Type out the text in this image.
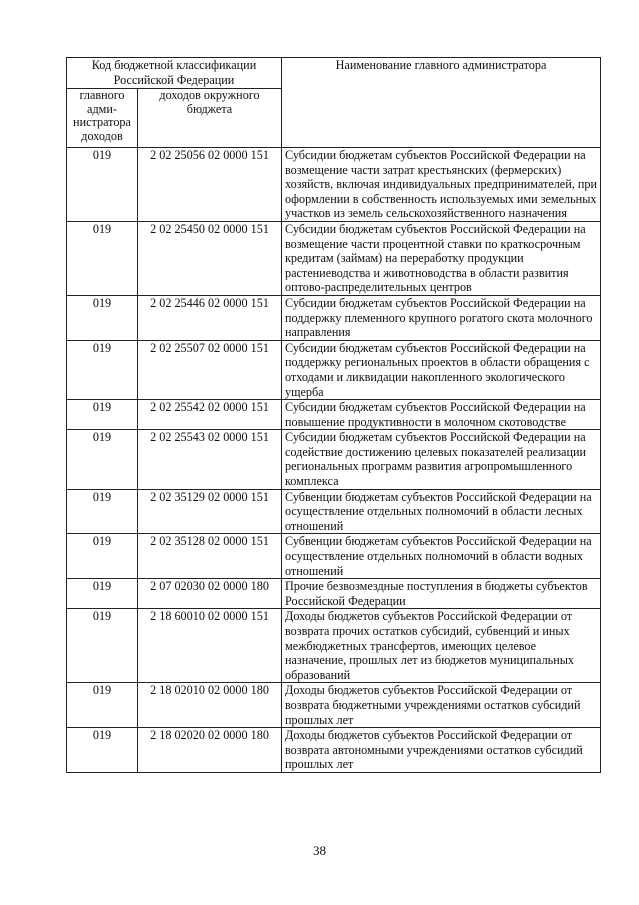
Код бюджетной классификации Российской Федерации		Наименование главного администратора
главного адми-нистратора доходов	доходов окружного бюджета	
019	2 02 25056 02 0000 151	Субсидии бюджетам субъектов Российской Федерации на возмещение части затрат крестьянских (фермерских) хозяйств, включая индивидуальных предпринимателей, при оформлении в собственность используемых ими земельных участков из земель сельскохозяйственного назначения
019	2 02 25450 02 0000 151	Субсидии бюджетам субъектов Российской Федерации на возмещение части процентной ставки по краткосрочным кредитам (займам) на переработку продукции растениеводства и животноводства в области развития оптово-распределительных центров
019	2 02 25446 02 0000 151	Субсидии бюджетам субъектов Российской Федерации на поддержку племенного крупного рогатого скота молочного направления
019	2 02 25507 02 0000 151	Субсидии бюджетам субъектов Российской Федерации на поддержку региональных проектов в области обращения с отходами и ликвидации накопленного экологического ущерба
019	2 02 25542 02 0000 151	Субсидии бюджетам субъектов Российской Федерации на повышение продуктивности в молочном скотоводстве
019	2 02 25543 02 0000 151	Субсидии бюджетам субъектов Российской Федерации на содействие достижению целевых показателей реализации региональных программ развития агропромышленного комплекса
019	2 02 35129 02 0000 151	Субвенции бюджетам субъектов Российской Федерации на осуществление отдельных полномочий в области лесных отношений
019	2 02 35128 02 0000 151	Субвенции бюджетам субъектов Российской Федерации на осуществление отдельных полномочий в области водных отношений
019	2 07 02030 02 0000 180	Прочие безвозмездные поступления в бюджеты субъектов Российской Федерации
019	2 18 60010 02 0000 151	Доходы бюджетов субъектов Российской Федерации от возврата прочих остатков субсидий, субвенций и иных межбюджетных трансфертов, имеющих целевое назначение, прошлых лет из бюджетов муниципальных образований
019	2 18 02010 02 0000 180	Доходы бюджетов субъектов Российской Федерации от возврата бюджетными учреждениями остатков субсидий прошлых лет
019	2 18 02020 02 0000 180	Доходы бюджетов субъектов Российской Федерации от возврата автономными учреждениями остатков субсидий прошлых лет
38
